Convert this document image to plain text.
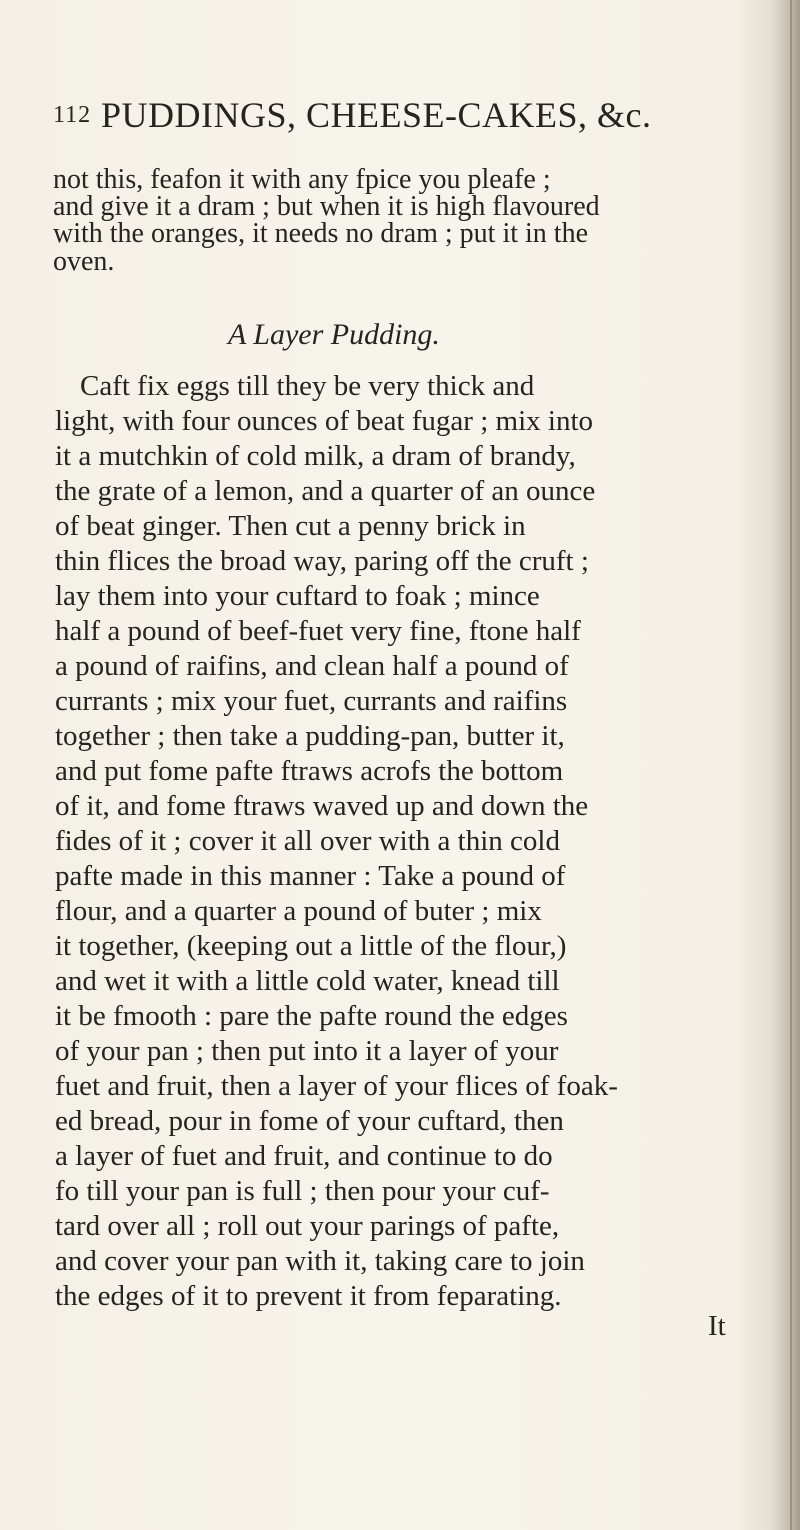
112 PUDDINGS, CHEESE-CAKES, &c.
not this, feafon it with any fpice you pleafe ;
and give it a dram ; but when it is high flavoured
with the oranges, it needs no dram ; put it in the
oven.
A Layer Pudding.
Caft fix eggs till they be very thick and
light, with four ounces of beat fugar ; mix into
it a mutchkin of cold milk, a dram of brandy,
the grate of a lemon, and a quarter of an ounce
of beat ginger. Then cut a penny brick in
thin flices the broad way, paring off the cruft ;
lay them into your cuftard to foak ; mince
half a pound of beef-fuet very fine, ftone half
a pound of raifins, and clean half a pound of
currants ; mix your fuet, currants and raifins
together ; then take a pudding-pan, butter it,
and put fome pafte ftraws acrofs the bottom
of it, and fome ftraws waved up and down the
fides of it ; cover it all over with a thin cold
pafte made in this manner : Take a pound of
flour, and a quarter a pound of buter ; mix
it together, (keeping out a little of the flour,)
and wet it with a little cold water, knead till
it be fmooth : pare the pafte round the edges
of your pan ; then put into it a layer of your
fuet and fruit, then a layer of your flices of foak-
ed bread, pour in fome of your cuftard, then
a layer of fuet and fruit, and continue to do
fo till your pan is full ; then pour your cuf-
tard over all ; roll out your parings of pafte,
and cover your pan with it, taking care to join
the edges of it to prevent it from feparating.
It
